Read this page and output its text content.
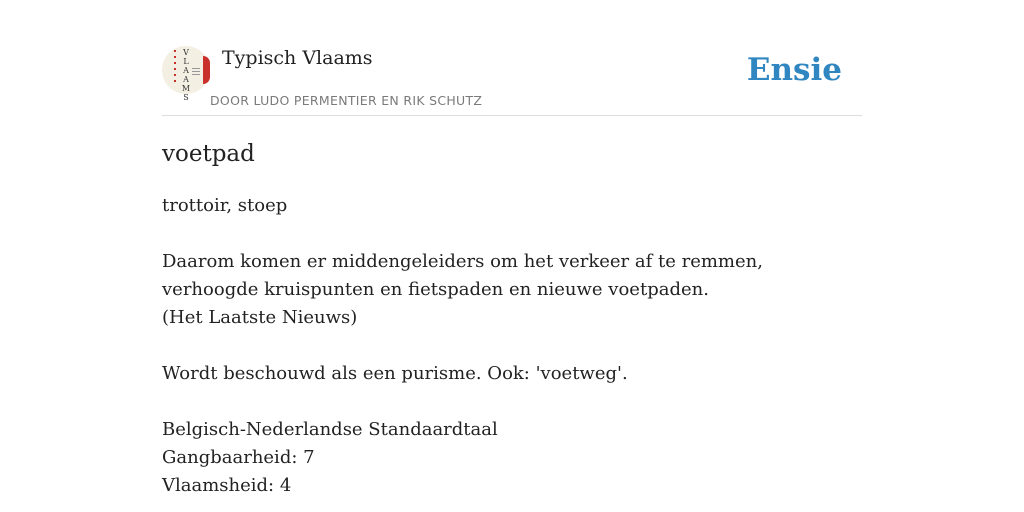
V
L
A
A
M
S
Typisch Vlaams
DOOR LUDO PERMENTIER EN RIK SCHUTZ
Ensie
voetpad

trottoir, stoep

Daarom komen er middengeleiders om het verkeer af te remmen, verhoogde kruispunten en fietspaden en nieuwe voetpaden.

(Het Laatste Nieuws)

Wordt beschouwd als een purisme. Ook: 'voetweg'.

Belgisch-Nederlandse Standaardtaal

Gangbaarheid: 7

Vlaamsheid: 4
